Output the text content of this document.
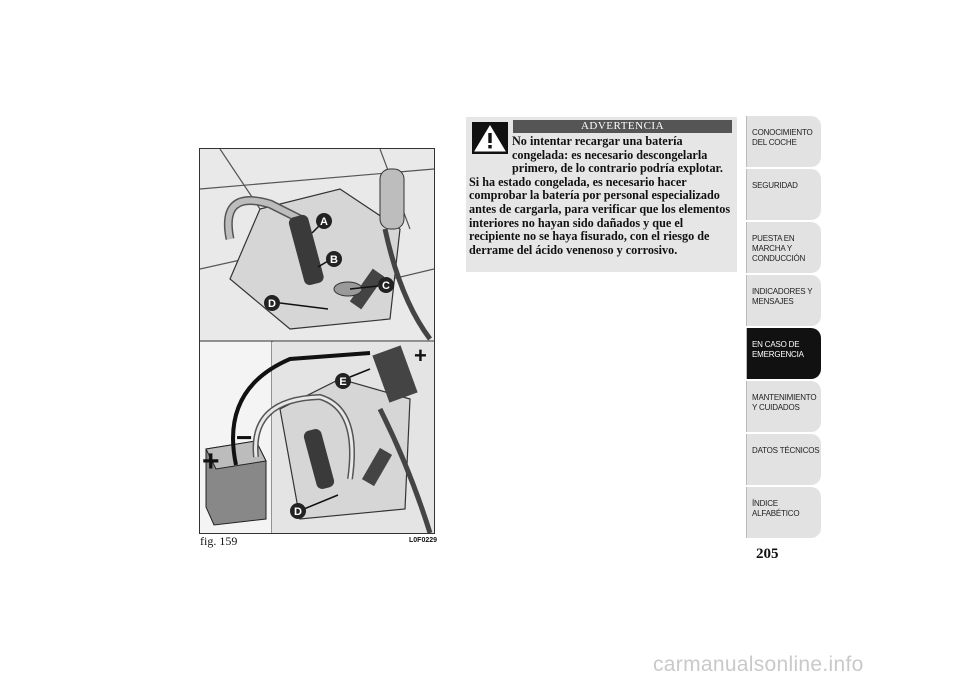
A
B
C
D
+
−
+
E
D
fig. 159	L0F0229
ADVERTENCIA

No intentar recargar una batería congelada: es necesario descongelarla primero, de lo contrario podría explotar. Si ha estado congelada, es necesario hacer comprobar la batería por personal especializado antes de cargarla, para verificar que los elementos interiores no hayan sido dañados y que el recipiente no se haya fisurado, con el riesgo de derrame del ácido venenoso y corrosivo.

CONOCIMIENTO DEL COCHE
SEGURIDAD
PUESTA EN MARCHA Y CONDUCCIÓN
INDICADORES Y MENSAJES
EN CASO DE EMERGENCIA
MANTENIMIENTO Y CUIDADOS
DATOS TÉCNICOS
ÍNDICE ALFABÉTICO
205
carmanualsonline.info
